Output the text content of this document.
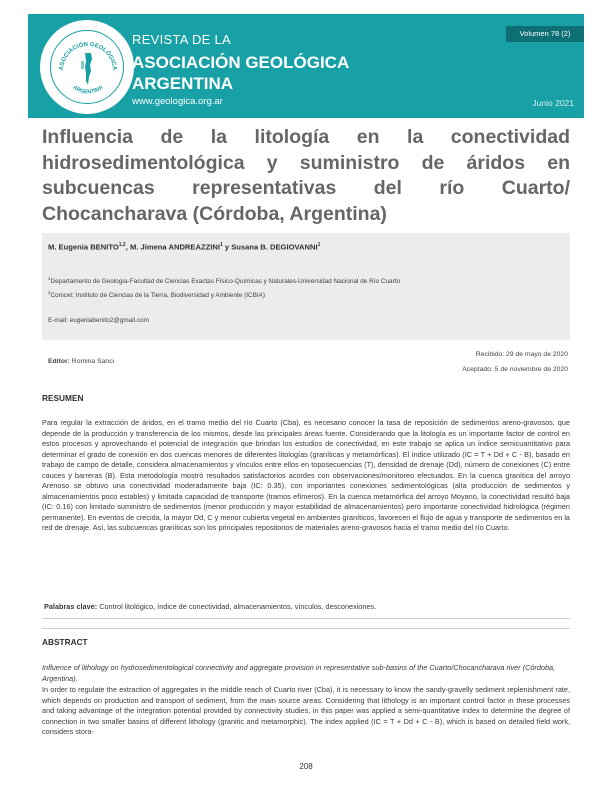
ASOCIACIÓN GEOLÓGICA
ARGENTINA
REVISTA DE LA
ASOCIACIÓN GEOLÓGICA
ARGENTINA
www.geologica.org.ar
Volumen 78 (2)
Junio 2021
Influencia de la litología en la conectividad hidrosedimentológica y suministro de áridos en subcuencas representativas del río Cuarto/ Chocancharava (Córdoba, Argentina)
M. Eugenia BENITO$^{1,2}$, M. Jimena ANDREAZZINI$^1$ y Susana B. DEGIOVANNI$^1$
$^1$Departamento de Geología-Facultad de Ciencias Exactas Físico-Químicas y Naturales-Universidad Nacional de Río Cuarto
$^2$Conicet; Instituto de Ciencias de la Tierra, Biodiversidad y Ambiente (ICBIA)
E-mail: eugeniabenito2@gmail.com
Editor: Romina Sanci
Recibido: 29 de mayo de 2020
Aceptado: 5 de noviembre de 2020
RESUMEN
Para regular la extracción de áridos, en el tramo medio del río Cuarto (Cba), es necesario conocer la tasa de reposición de sedimentos areno-gravosos, que depende de la producción y transferencia de los mismos, desde las principales áreas fuente. Considerando que la litología es un importante factor de control en estos procesos y aprovechando el potencial de integración que brindan los estudios de conectividad, en este trabajo se aplica un índice semicuantitativo para determinar el grado de conexión en dos cuencas menores de diferentes litologías (graníticas y metamórficas). El índice utilizado (IC = T + Dd + C - B), basado en trabajo de campo de detalle, considera almacenamientos y vínculos entre ellos en toposecuencias (T), densidad de drenaje (Dd), número de conexiones (C) entre cauces y barreras (B). Esta metodología mostró resultados satisfactorios acordes con observaciones/monitoreo efectuados. En la cuenca granítica del arroyo Arenoso se obtuvo una conectividad moderadamente baja (IC: 0.35), con importantes conexiones sedimentológicas (alta producción de sedimentos y almacenamientos poco estables) y limitada capacidad de transporte (tramos efímeros). En la cuenca metamórfica del arroyo Moyano, la conectividad resultó baja (IC: 0.16) con limitado suministro de sedimentos (menor producción y mayor estabilidad de almacenamientos) pero importante conectividad hidrológica (régimen permanente). En eventos de crecida, la mayor Dd, C y menor cubierta vegetal en ambientes graníticos, favorecen el flujo de agua y transporte de sedimentos en la red de drenaje. Así, las subcuencas graníticas son los principales repositorios de materiales areno-gravosos hacia el tramo medio del río Cuarto.
Palabras clave: Control litológico, índice de conectividad, almacenamientos, vínculos, desconexiones.
ABSTRACT
Influence of lithology on hydrosedimentological connectivity and aggregate provision in representative sub-basins of the Cuarto/Chocancharava river (Córdoba, Argentina).
In order to regulate the extraction of aggregates in the middle reach of Cuarto river (Cba), it is necessary to know the sandy-gravelly sediment replenishment rate, which depends on production and transport of sediment, from the main source areas. Considering that lithology is an important control factor in these processes and taking advantage of the integration potential provided by connectivity studies, in this paper was applied a semi-quantitative index to determine the degree of connection in two smaller basins of different lithology (granitic and metamorphic). The index applied (IC = T + Dd + C - B), which is based on detailed field work, considers stora-
208
